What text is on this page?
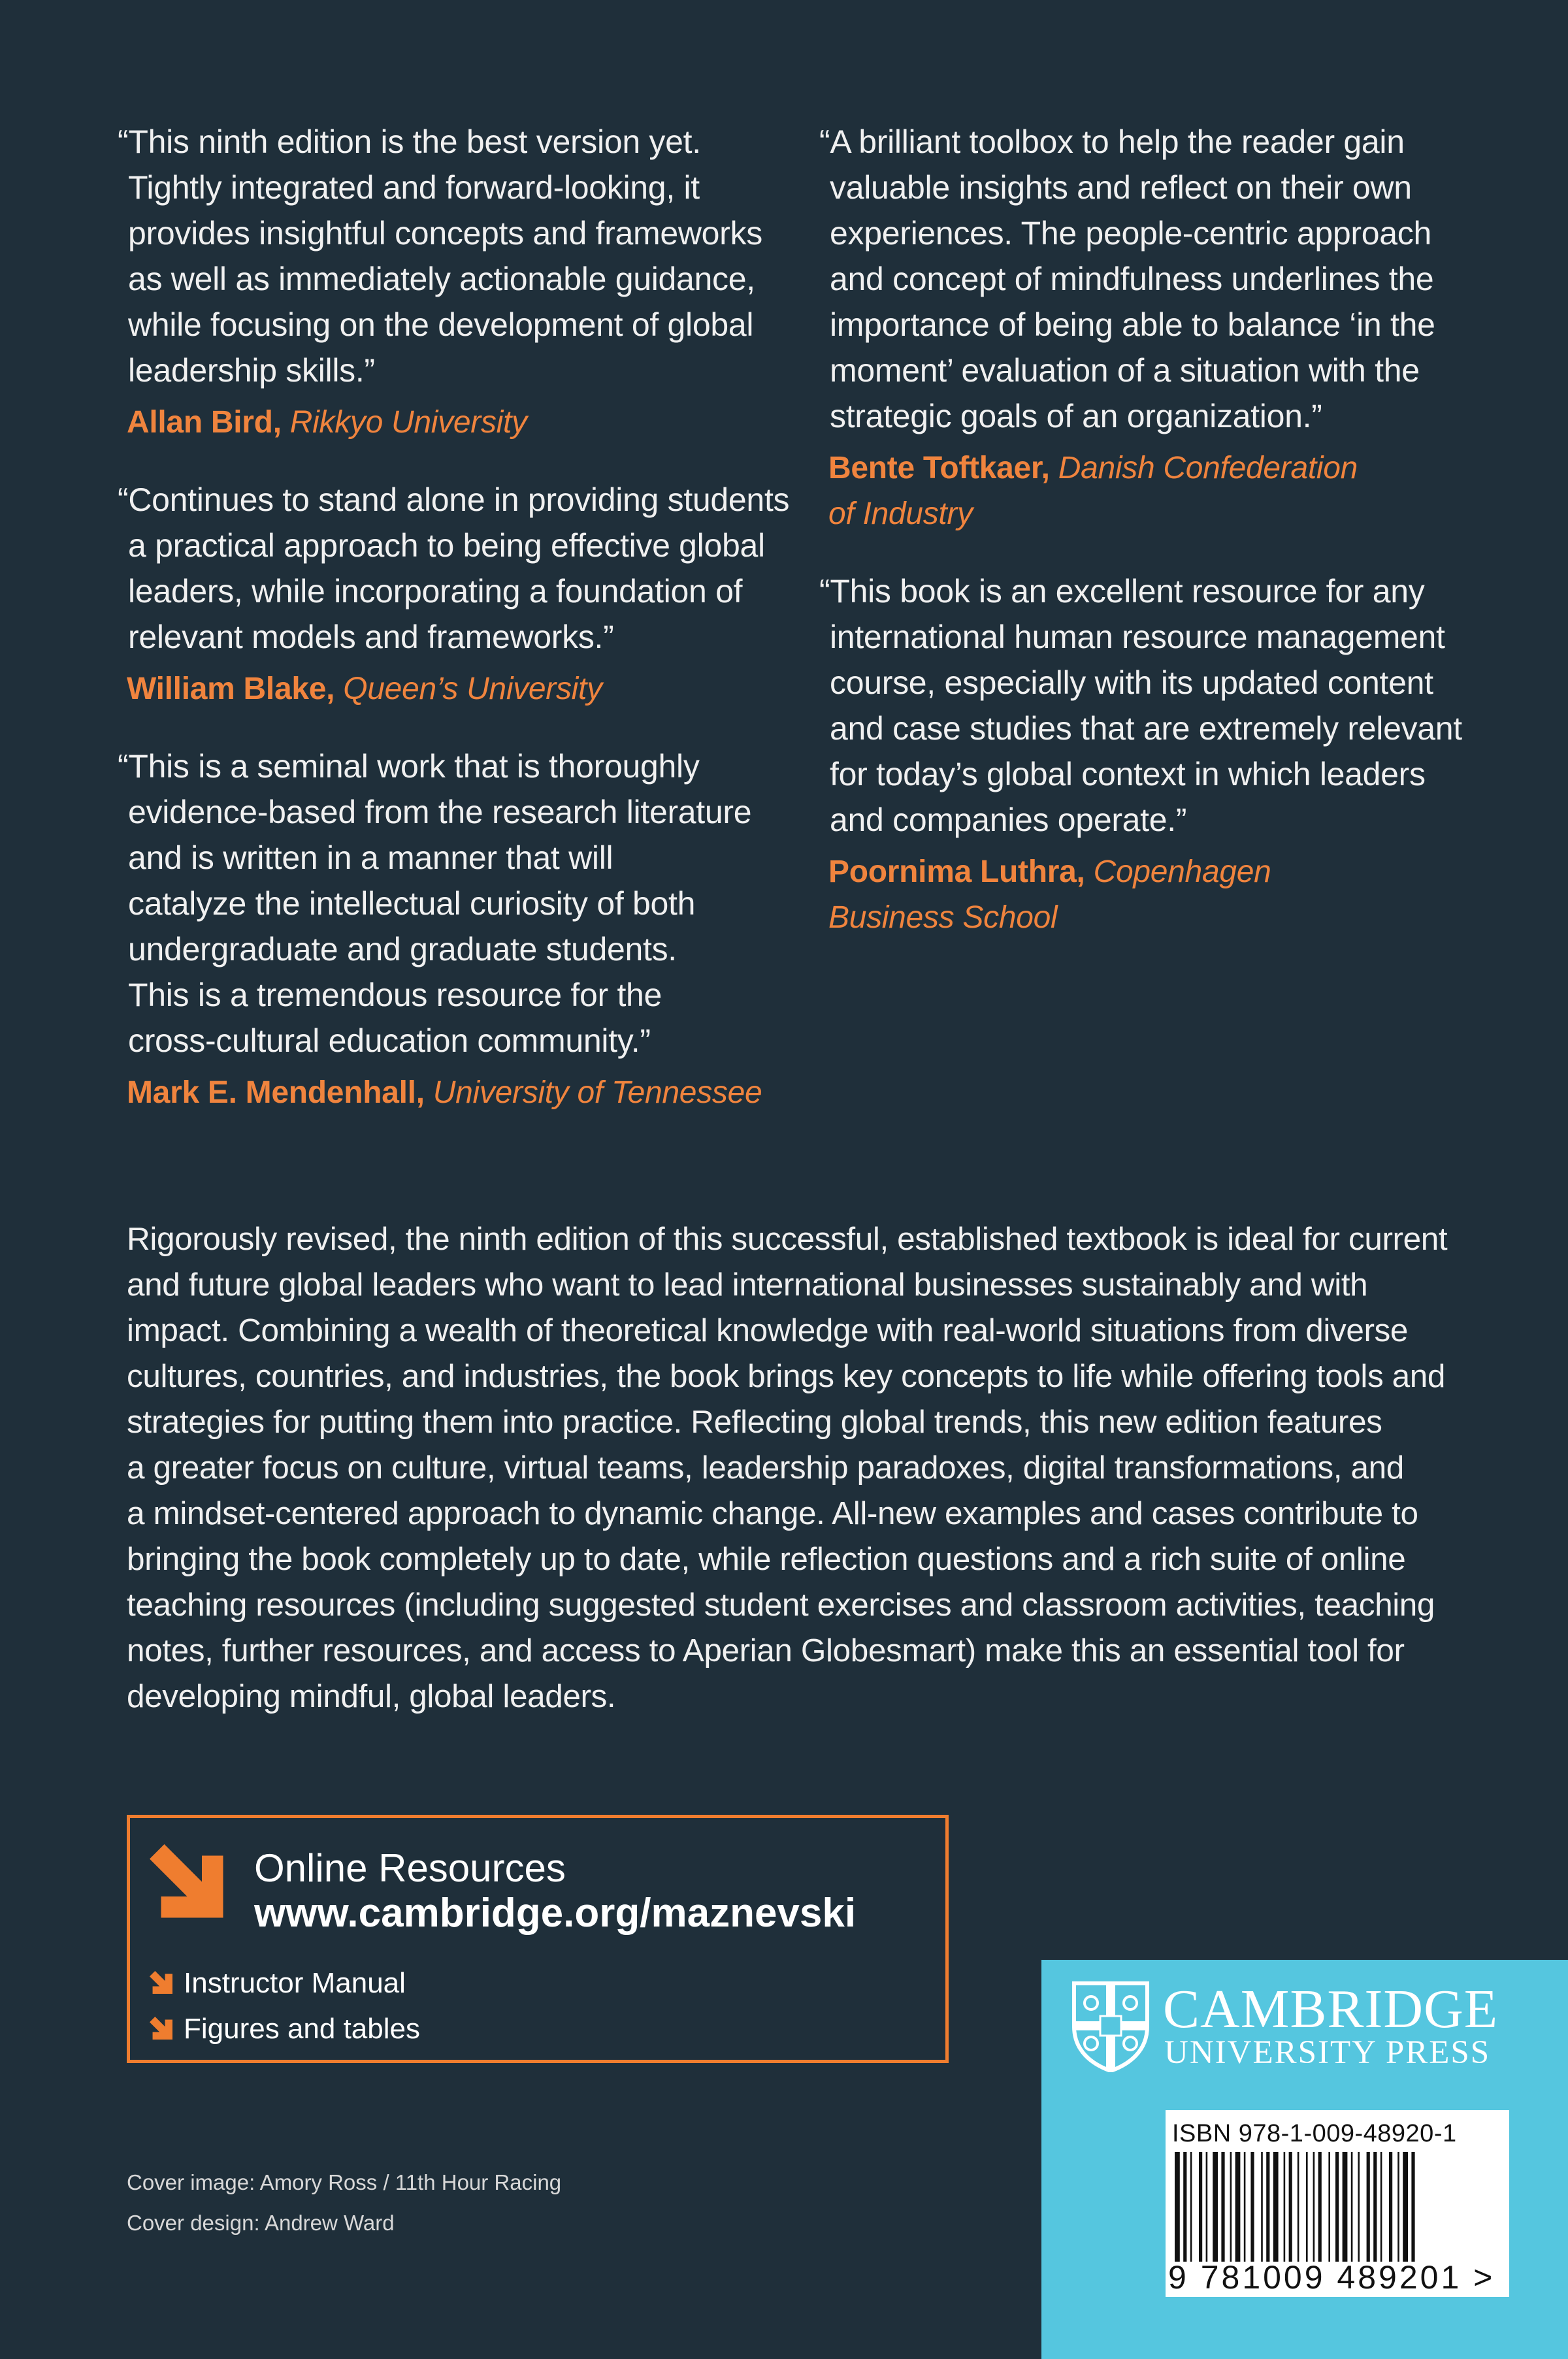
“This ninth edition is the best version yet.
Tightly integrated and forward-looking, it
provides insightful concepts and frameworks
as well as immediately actionable guidance,
while focusing on the development of global
leadership skills.”

Allan Bird, Rikkyo University

“Continues to stand alone in providing students
a practical approach to being effective global
leaders, while incorporating a foundation of
relevant models and frameworks.”

William Blake, Queen’s University

“This is a seminal work that is thoroughly
evidence-based from the research literature
and is written in a manner that will
catalyze the intellectual curiosity of both
undergraduate and graduate students.
This is a tremendous resource for the
cross-cultural education community.”

Mark E. Mendenhall, University of Tennessee

“A brilliant toolbox to help the reader gain
valuable insights and reflect on their own
experiences. The people-centric approach
and concept of mindfulness underlines the
importance of being able to balance ‘in the
moment’ evaluation of a situation with the
strategic goals of an organization.”

Bente Toftkaer, Danish Confederation
of Industry

“This book is an excellent resource for any
international human resource management
course, especially with its updated content
and case studies that are extremely relevant
for today’s global context in which leaders
and companies operate.”

Poornima Luthra, Copenhagen
Business School

Rigorously revised, the ninth edition of this successful, established textbook is ideal for current
and future global leaders who want to lead international businesses sustainably and with
impact. Combining a wealth of theoretical knowledge with real-world situations from diverse
cultures, countries, and industries, the book brings key concepts to life while offering tools and
strategies for putting them into practice. Reflecting global trends, this new edition features
a greater focus on culture, virtual teams, leadership paradoxes, digital transformations, and
a mindset-centered approach to dynamic change. All-new examples and cases contribute to
bringing the book completely up to date, while reflection questions and a rich suite of online
teaching resources (including suggested student exercises and classroom activities, teaching
notes, further resources, and access to Aperian Globesmart) make this an essential tool for
developing mindful, global leaders.

Online Resources
www.cambridge.org/maznevski
Instructor Manual
Figures and tables
Cover image: Amory Ross / 11th Hour Racing
Cover design: Andrew Ward
CAMBRIDGE
UNIVERSITY PRESS
ISBN 978-1-009-48920-1
9 781009 489201 >
